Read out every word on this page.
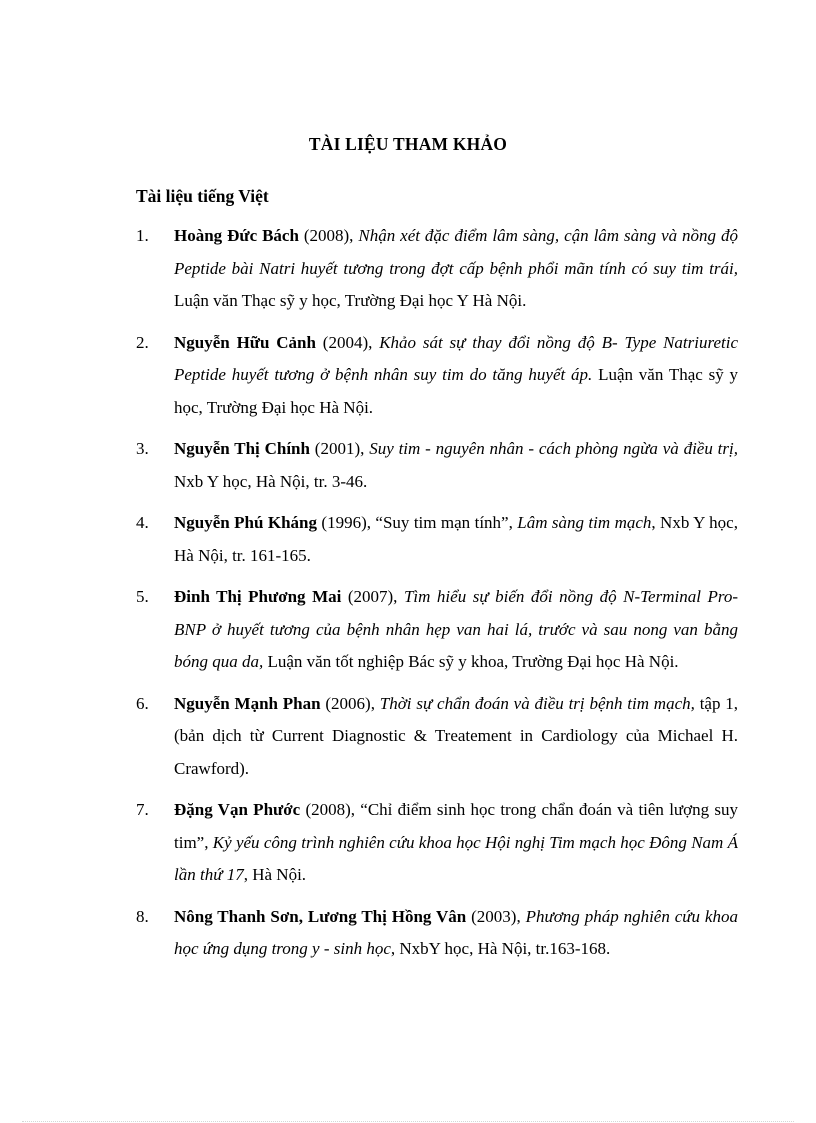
TÀI LIỆU THAM KHẢO
Tài liệu tiếng Việt
1. Hoàng Đức Bách (2008), Nhận xét đặc điểm lâm sàng, cận lâm sàng và nồng độ Peptide bài Natri huyết tương trong đợt cấp bệnh phổi mãn tính có suy tim trái, Luận văn Thạc sỹ y học, Trường Đại học Y Hà Nội.
2. Nguyễn Hữu Cảnh (2004), Khảo sát sự thay đổi nồng độ B- Type Natriuretic Peptide huyết tương ở bệnh nhân suy tim do tăng huyết áp. Luận văn Thạc sỹ y học, Trường Đại học Hà Nội.
3. Nguyễn Thị Chính (2001), Suy tim - nguyên nhân - cách phòng ngừa và điều trị, Nxb Y học, Hà Nội, tr. 3-46.
4. Nguyễn Phú Kháng (1996), “Suy tim mạn tính”, Lâm sàng tim mạch, Nxb Y học, Hà Nội, tr. 161-165.
5. Đinh Thị Phương Mai (2007), Tìm hiểu sự biến đổi nồng độ N-Terminal Pro- BNP ở huyết tương của bệnh nhân hẹp van hai lá, trước và sau nong van bằng bóng qua da, Luận văn tốt nghiệp Bác sỹ y khoa, Trường Đại học Hà Nội.
6. Nguyễn Mạnh Phan (2006), Thời sự chẩn đoán và điều trị bệnh tim mạch, tập 1, (bản dịch từ Current Diagnostic & Treatement in Cardiology của Michael H. Crawford).
7. Đặng Vạn Phước (2008), “Chỉ điểm sinh học trong chẩn đoán và tiên lượng suy tim”, Kỷ yếu công trình nghiên cứu khoa học Hội nghị Tim mạch học Đông Nam Á lần thứ 17, Hà Nội.
8. Nông Thanh Sơn, Lương Thị Hồng Vân (2003), Phương pháp nghiên cứu khoa học ứng dụng trong y - sinh học, NxbY học, Hà Nội, tr.163-168.
